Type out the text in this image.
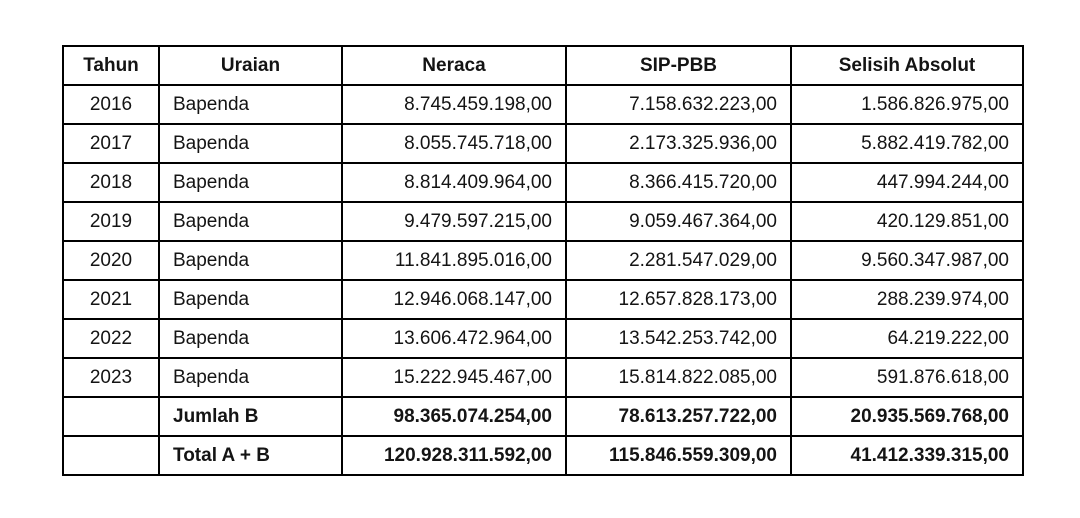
Tahun	Uraian	Neraca	SIP-PBB	Selisih Absolut
2016	Bapenda	8.745.459.198,00	7.158.632.223,00	1.586.826.975,00
2017	Bapenda	8.055.745.718,00	2.173.325.936,00	5.882.419.782,00
2018	Bapenda	8.814.409.964,00	8.366.415.720,00	447.994.244,00
2019	Bapenda	9.479.597.215,00	9.059.467.364,00	420.129.851,00
2020	Bapenda	11.841.895.016,00	2.281.547.029,00	9.560.347.987,00
2021	Bapenda	12.946.068.147,00	12.657.828.173,00	288.239.974,00
2022	Bapenda	13.606.472.964,00	13.542.253.742,00	64.219.222,00
2023	Bapenda	15.222.945.467,00	15.814.822.085,00	591.876.618,00
	Jumlah B	98.365.074.254,00	78.613.257.722,00	20.935.569.768,00
	Total A + B	120.928.311.592,00	115.846.559.309,00	41.412.339.315,00
